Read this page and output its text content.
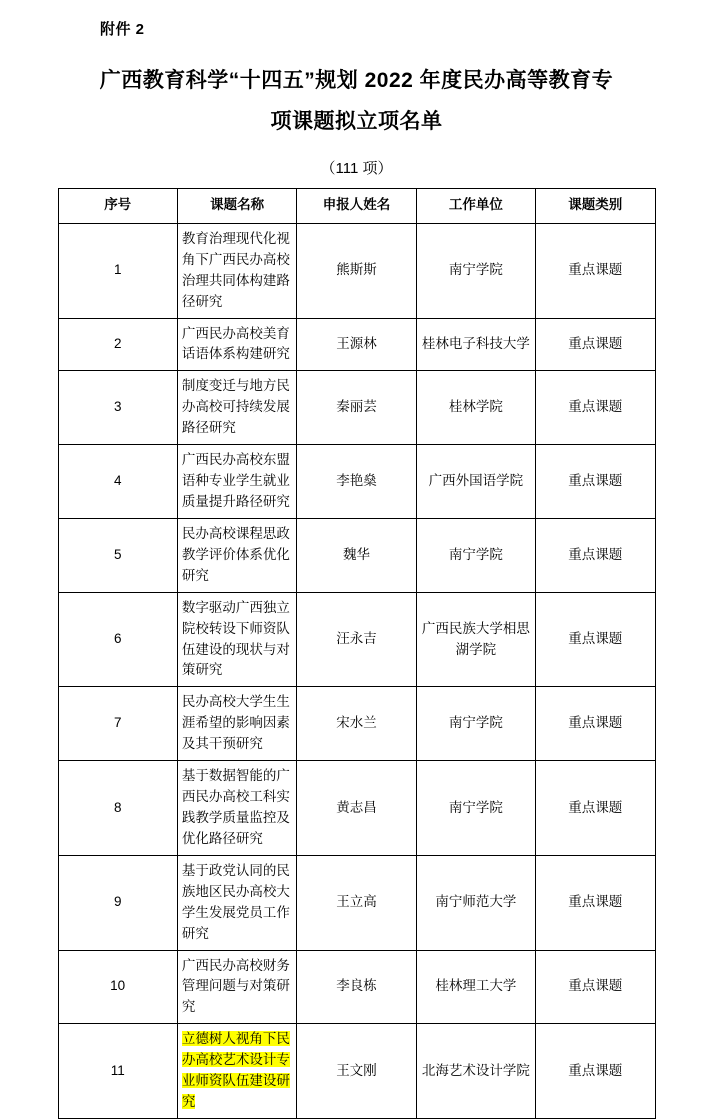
附件 2
广西教育科学“十四五”规划 2022 年度民办高等教育专
项课题拟立项名单
（111 项）
序号	课题名称	申报人姓名	工作单位	课题类别
1	教育治理现代化视角下广西民办高校治理共同体构建路径研究	熊斯斯	南宁学院	重点课题
2	广西民办高校美育话语体系构建研究	王源林	桂林电子科技大学	重点课题
3	制度变迁与地方民办高校可持续发展路径研究	秦丽芸	桂林学院	重点课题
4	广西民办高校东盟语种专业学生就业质量提升路径研究	李艳燊	广西外国语学院	重点课题
5	民办高校课程思政教学评价体系优化研究	魏华	南宁学院	重点课题
6	数字驱动广西独立院校转设下师资队伍建设的现状与对策研究	汪永吉	广西民族大学相思湖学院	重点课题
7	民办高校大学生生涯希望的影响因素及其干预研究	宋水兰	南宁学院	重点课题
8	基于数据智能的广西民办高校工科实践教学质量监控及优化路径研究	黄志昌	南宁学院	重点课题
9	基于政党认同的民族地区民办高校大学生发展党员工作研究	王立高	南宁师范大学	重点课题
10	广西民办高校财务管理问题与对策研究	李良栋	桂林理工大学	重点课题
11	立德树人视角下民办高校艺术设计专业师资队伍建设研究	王文刚	北海艺术设计学院	重点课题
